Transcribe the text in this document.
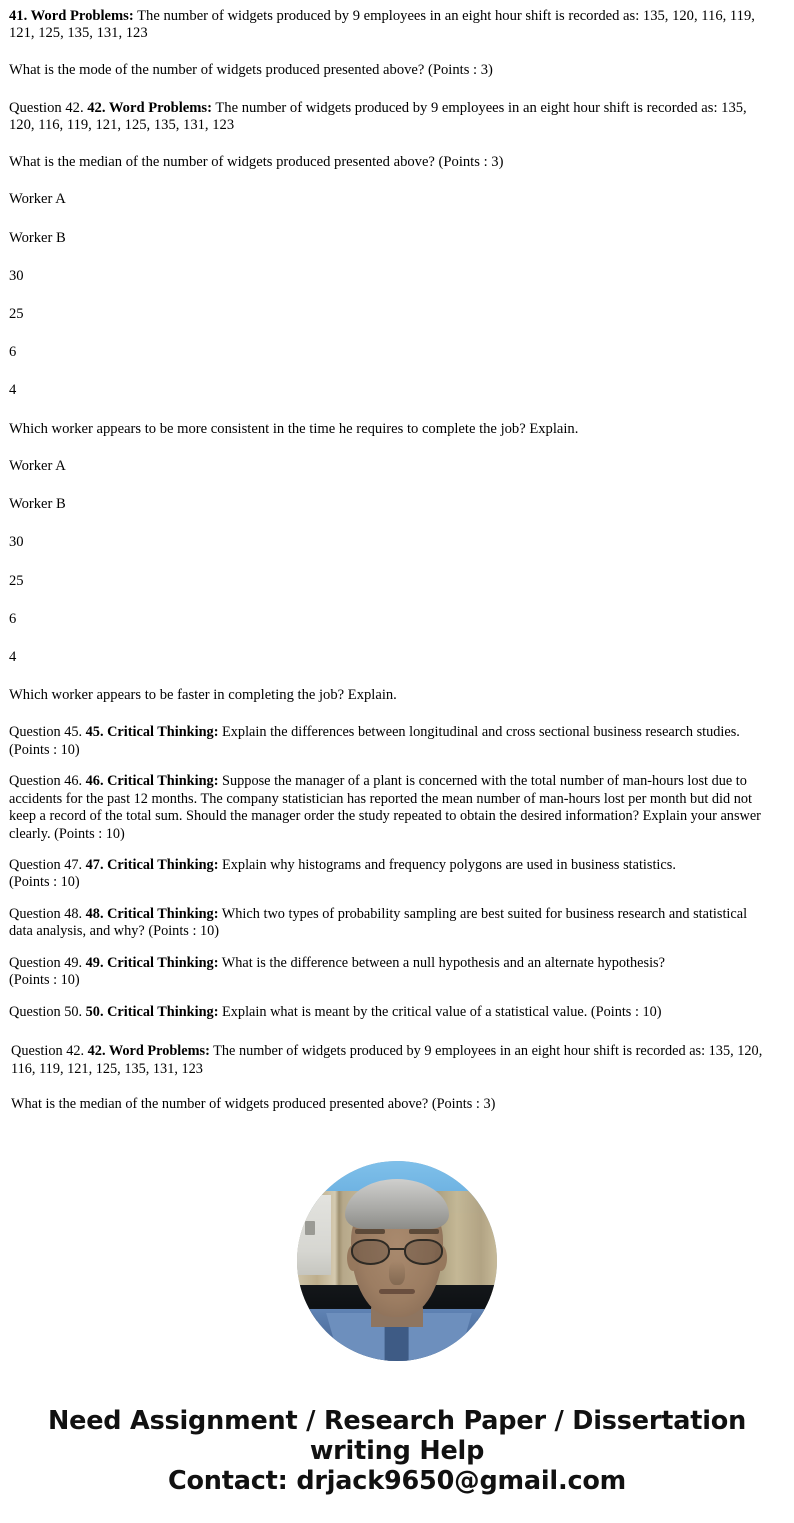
41. Word Problems: The number of widgets produced by 9 employees in an eight hour shift is recorded as: 135, 120, 116, 119, 121, 125, 135, 131, 123

What is the mode of the number of widgets produced presented above? (Points : 3)

Question 42. 42. Word Problems: The number of widgets produced by 9 employees in an eight hour shift is recorded as: 135, 120, 116, 119, 121, 125, 135, 131, 123

What is the median of the number of widgets produced presented above? (Points : 3)

Worker A
Worker B
30
25
6
4

Which worker appears to be more consistent in the time he requires to complete the job? Explain.

Worker A
Worker B
30
25
6
4

Which worker appears to be faster in completing the job? Explain.

Question 45. 45. Critical Thinking: Explain the differences between longitudinal and cross sectional business research studies.
(Points : 10)

Question 46. 46. Critical Thinking: Suppose the manager of a plant is concerned with the total number of man-hours lost due to accidents for the past 12 months. The company statistician has reported the mean number of man-hours lost per month but did not keep a record of the total sum. Should the manager order the study repeated to obtain the desired information? Explain your answer clearly. (Points : 10)

Question 47. 47. Critical Thinking: Explain why histograms and frequency polygons are used in business statistics.
(Points : 10)

Question 48. 48. Critical Thinking: Which two types of probability sampling are best suited for business research and statistical data analysis, and why? (Points : 10)

Question 49. 49. Critical Thinking: What is the difference between a null hypothesis and an alternate hypothesis?
(Points : 10)

Question 50. 50. Critical Thinking: Explain what is meant by the critical value of a statistical value. (Points : 10)

Question 42. 42. Word Problems: The number of widgets produced by 9 employees in an eight hour shift is recorded as: 135, 120, 116, 119, 121, 125, 135, 131, 123

What is the median of the number of widgets produced presented above? (Points : 3)

Need Assignment / Research Paper / Dissertation
writing Help
Contact: drjack9650@gmail.com
